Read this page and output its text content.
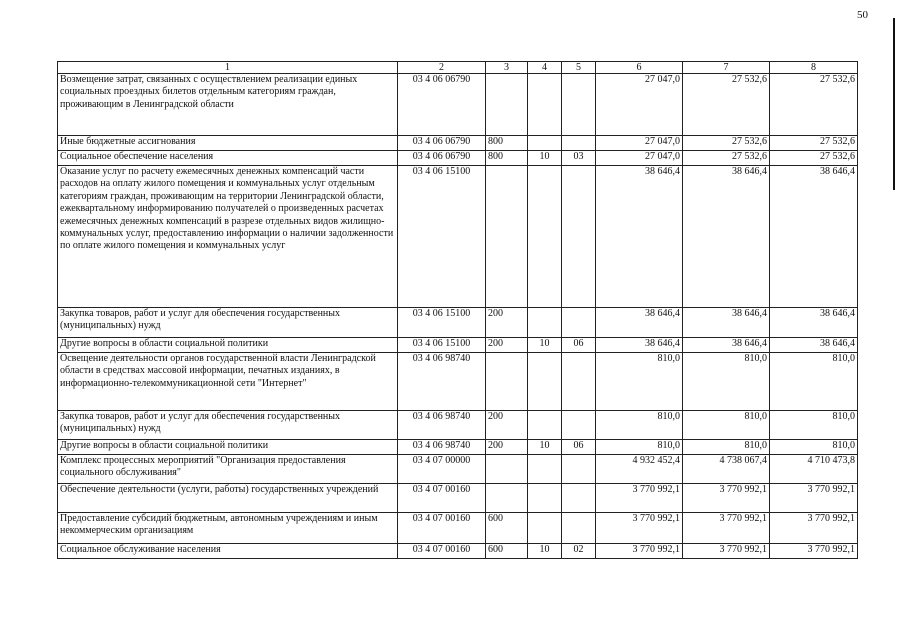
50
1	2	3	4	5	6	7	8
Возмещение затрат, связанных с осуществлением реализации единых социальных проездных билетов отдельным категориям граждан, проживающим в Ленинградской области	03 4 06 06790				27 047,0	27 532,6	27 532,6
Иные бюджетные ассигнования	03 4 06 06790	800			27 047,0	27 532,6	27 532,6
Социальное обеспечение населения	03 4 06 06790	800	10	03	27 047,0	27 532,6	27 532,6
Оказание услуг по расчету ежемесячных денежных компенсаций части расходов на оплату жилого помещения и коммунальных услуг отдельным категориям граждан, проживающим на территории Ленинградской области, ежеквартальному информированию получателей о произведенных расчетах ежемесячных денежных компенсаций в разрезе отдельных видов жилищно-коммунальных услуг, предоставлению информации о наличии задолженности по оплате жилого помещения и коммунальных услуг	03 4 06 15100				38 646,4	38 646,4	38 646,4
Закупка товаров, работ и услуг для обеспечения государственных (муниципальных) нужд	03 4 06 15100	200			38 646,4	38 646,4	38 646,4
Другие вопросы в области социальной политики	03 4 06 15100	200	10	06	38 646,4	38 646,4	38 646,4
Освещение деятельности органов государственной власти Ленинградской области в средствах массовой информации, печатных изданиях, в информационно-телекоммуникационной сети "Интернет"	03 4 06 98740				810,0	810,0	810,0
Закупка товаров, работ и услуг для обеспечения государственных (муниципальных) нужд	03 4 06 98740	200			810,0	810,0	810,0
Другие вопросы в области социальной политики	03 4 06 98740	200	10	06	810,0	810,0	810,0
Комплекс процессных мероприятий "Организация предоставления социального обслуживания"	03 4 07 00000				4 932 452,4	4 738 067,4	4 710 473,8
Обеспечение деятельности (услуги, работы) государственных учреждений	03 4 07 00160				3 770 992,1	3 770 992,1	3 770 992,1
Предоставление субсидий бюджетным, автономным учреждениям и иным некоммерческим организациям	03 4 07 00160	600			3 770 992,1	3 770 992,1	3 770 992,1
Социальное обслуживание населения	03 4 07 00160	600	10	02	3 770 992,1	3 770 992,1	3 770 992,1
